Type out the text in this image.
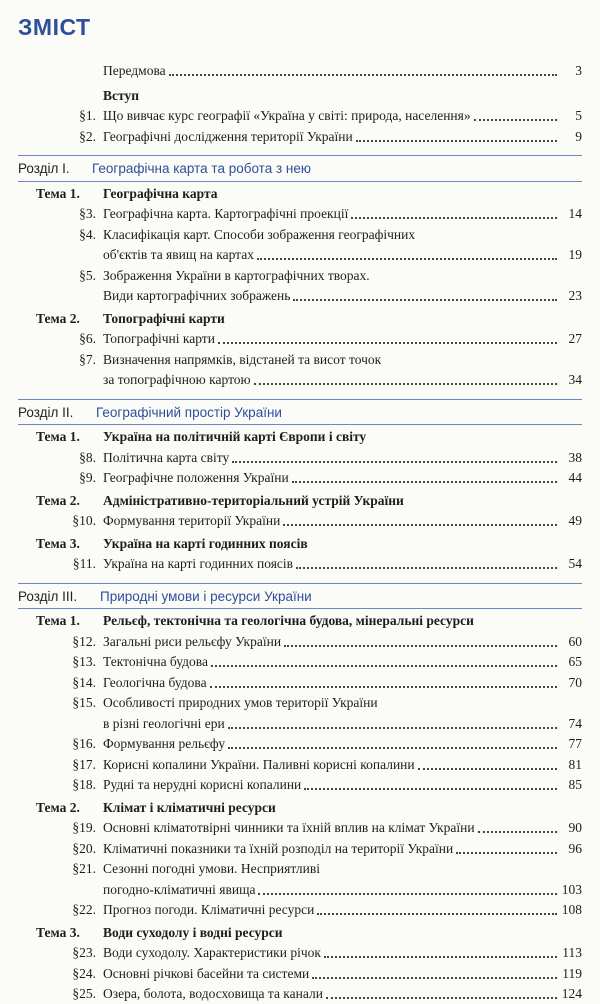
ЗМІСТ
Передмова	3
Вступ
§1. Що вивчає курс географії «Україна у світі: природа, населення»	5
§2. Географічні дослідження території України	9
Розділ І. Географічна карта та робота з нею
Тема 1. Географічна карта
§3. Географічна карта. Картографічні проекції	14
§4. Класифікація карт. Способи зображення географічних
об'єктів та явищ на картах	19
§5. Зображення України в картографічних творах.
Види картографічних зображень	23
Тема 2. Топографічні карти
§6. Топографічні карти	27
§7. Визначення напрямків, відстаней та висот точок
за топографічною картою	34
Розділ ІІ. Географічний простір України
Тема 1. Україна на політичній карті Європи і світу
§8. Політична карта світу	38
§9. Географічне положення України	44
Тема 2. Адміністративно-територіальний устрій України
§10. Формування території України	49
Тема 3. Україна на карті годинних поясів
§11. Україна на карті годинних поясів	54
Розділ ІІІ. Природні умови і ресурси України
Тема 1. Рельєф, тектонічна та геологічна будова, мінеральні ресурси
§12. Загальні риси рельєфу України	60
§13. Тектонічна будова	65
§14. Геологічна будова	70
§15. Особливості природних умов території України
в різні геологічні ери	74
§16. Формування рельєфу	77
§17. Корисні копалини України. Паливні корисні копалини	81
§18. Рудні та нерудні корисні копалини	85
Тема 2. Клімат і кліматичні ресурси
§19. Основні кліматотвірні чинники та їхній вплив на клімат України	90
§20. Кліматичні показники та їхній розподіл на території України	96
§21. Сезонні погодні умови. Несприятливі
погодно-кліматичні явища	103
§22. Прогноз погоди. Кліматичні ресурси	108
Тема 3. Води суходолу і водні ресурси
§23. Води суходолу. Характеристики річок	113
§24. Основні річкові басейни та системи	119
§25. Озера, болота, водосховища та канали	124
